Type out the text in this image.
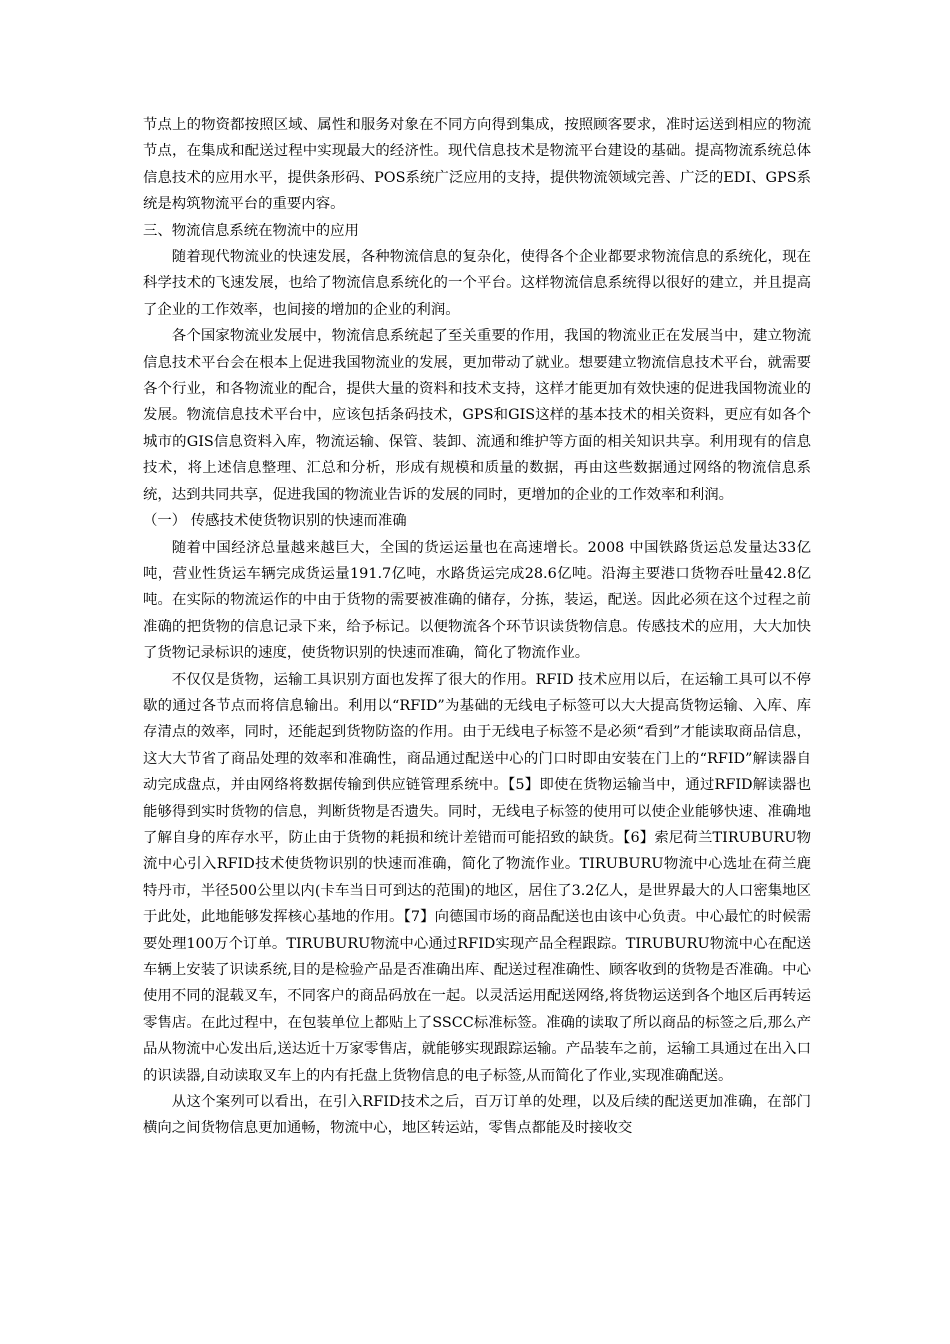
节点上的物资都按照区域、属性和服务对象在不同方向得到集成，按照顾客要求，准时运送到相应的物流节点，在集成和配送过程中实现最大的经济性。现代信息技术是物流平台建设的基础。提高物流系统总体信息技术的应用水平，提供条形码、POS系统广泛应用的支持，提供物流领域完善、广泛的EDI、GPS系统是构筑物流平台的重要内容。

三、物流信息系统在物流中的应用

随着现代物流业的快速发展，各种物流信息的复杂化，使得各个企业都要求物流信息的系统化，现在科学技术的飞速发展，也给了物流信息系统化的一个平台。这样物流信息系统得以很好的建立，并且提高了企业的工作效率，也间接的增加的企业的利润。

各个国家物流业发展中，物流信息系统起了至关重要的作用，我国的物流业正在发展当中，建立物流信息技术平台会在根本上促进我国物流业的发展，更加带动了就业。想要建立物流信息技术平台，就需要各个行业，和各物流业的配合，提供大量的资料和技术支持，这样才能更加有效快速的促进我国物流业的发展。物流信息技术平台中，应该包括条码技术，GPS和GIS这样的基本技术的相关资料，更应有如各个城市的GIS信息资料入库，物流运输、保管、装卸、流通和维护等方面的相关知识共享。利用现有的信息技术，将上述信息整理、汇总和分析，形成有规模和质量的数据，再由这些数据通过网络的物流信息系统，达到共同共享，促进我国的物流业告诉的发展的同时，更增加的企业的工作效率和利润。

（一） 传感技术使货物识别的快速而准确

随着中国经济总量越来越巨大，全国的货运运量也在高速增长。2008 中国铁路货运总发量达33亿吨，营业性货运车辆完成货运量191.7亿吨，水路货运完成28.6亿吨。沿海主要港口货物吞吐量42.8亿吨。在实际的物流运作的中由于货物的需要被准确的储存，分拣，装运，配送。因此必须在这个过程之前准确的把货物的信息记录下来，给予标记。以便物流各个环节识读货物信息。传感技术的应用，大大加快了货物记录标识的速度，使货物识别的快速而准确，简化了物流作业。

不仅仅是货物，运输工具识别方面也发挥了很大的作用。RFID 技术应用以后，在运输工具可以不停歇的通过各节点而将信息输出。利用以“RFID”为基础的无线电子标签可以大大提高货物运输、入库、库存清点的效率，同时，还能起到货物防盗的作用。由于无线电子标签不是必须“看到”才能读取商品信息，这大大节省了商品处理的效率和准确性，商品通过配送中心的门口时即由安装在门上的“RFID”解读器自动完成盘点，并由网络将数据传输到供应链管理系统中。【5】即使在货物运输当中，通过RFID解读器也能够得到实时货物的信息，判断货物是否遗失。同时，无线电子标签的使用可以使企业能够快速、准确地了解自身的库存水平，防止由于货物的耗损和统计差错而可能招致的缺货。【6】索尼荷兰TIRUBURU物流中心引入RFID技术使货物识别的快速而准确，简化了物流作业。TIRUBURU物流中心选址在荷兰鹿特丹市，半径500公里以内(卡车当日可到达的范围)的地区，居住了3.2亿人，是世界最大的人口密集地区于此处，此地能够发挥核心基地的作用。【7】向德国市场的商品配送也由该中心负责。中心最忙的时候需要处理100万个订单。TIRUBURU物流中心通过RFID实现产品全程跟踪。TIRUBURU物流中心在配送车辆上安装了识读系统,目的是检验产品是否准确出库、配送过程准确性、顾客收到的货物是否准确。中心使用不同的混载叉车，不同客户的商品码放在一起。以灵活运用配送网络,将货物运送到各个地区后再转运零售店。在此过程中，在包装单位上都贴上了SSCC标准标签。准确的读取了所以商品的标签之后,那么产品从物流中心发出后,送达近十万家零售店，就能够实现跟踪运输。产品装车之前，运输工具通过在出入口的识读器,自动读取叉车上的内有托盘上货物信息的电子标签,从而简化了作业,实现准确配送。

从这个案列可以看出，在引入RFID技术之后，百万订单的处理，以及后续的配送更加准确，在部门横向之间货物信息更加通畅，物流中心，地区转运站，零售点都能及时接收交
